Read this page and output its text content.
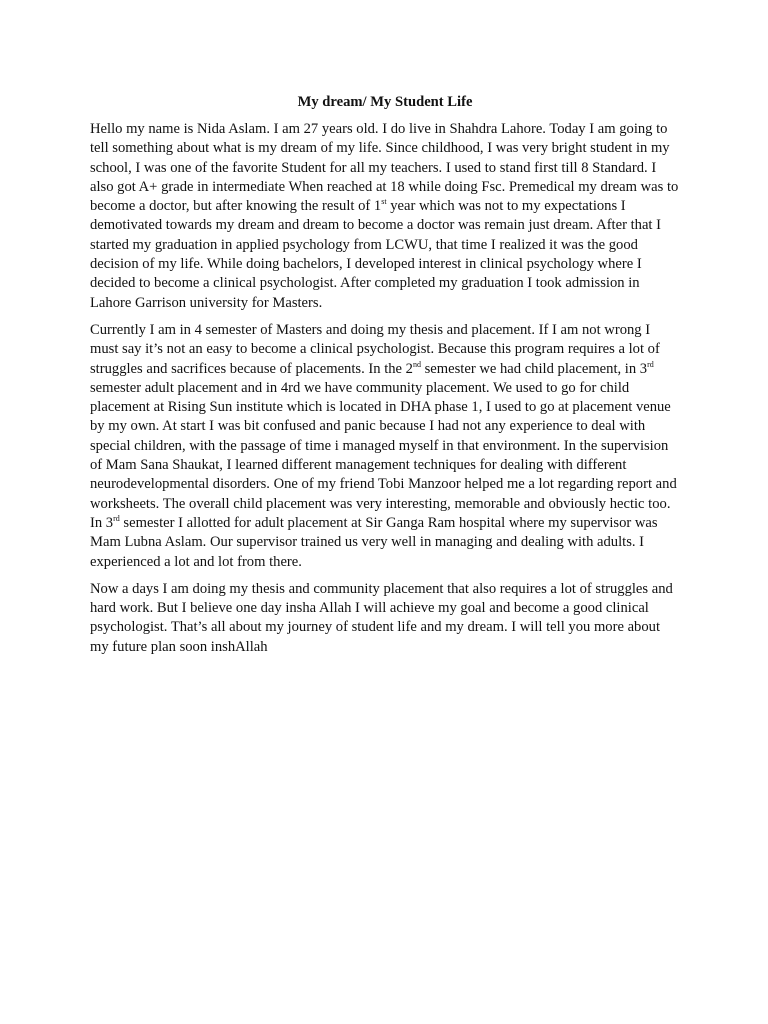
My dream/ My Student Life

Hello my name is Nida Aslam. I am 27 years old. I do live in Shahdra Lahore. Today I am going to tell something about what is my dream of my life. Since childhood, I was very bright student in my school, I was one of the favorite Student for all my teachers. I used to stand first till 8 Standard. I also got A+ grade in intermediate When reached at 18 while doing Fsc. Premedical my dream was to become a doctor, but after knowing the result of 1st year which was not to my expectations I demotivated towards my dream and dream to become a doctor was remain just dream. After that I started my graduation in applied psychology from LCWU, that time I realized it was the good decision of my life. While doing bachelors, I developed interest in clinical psychology where I decided to become a clinical psychologist. After completed my graduation I took admission in Lahore Garrison university for Masters.

Currently I am in 4 semester of Masters and doing my thesis and placement. If I am not wrong I must say it’s not an easy to become a clinical psychologist. Because this program requires a lot of struggles and sacrifices because of placements. In the 2nd semester we had child placement, in 3rd semester adult placement and in 4rd we have community placement. We used to go for child placement at Rising Sun institute which is located in DHA phase 1, I used to go at placement venue by my own. At start I was bit confused and panic because I had not any experience to deal with special children, with the passage of time i managed myself in that environment. In the supervision of Mam Sana Shaukat, I learned different management techniques for dealing with different neurodevelopmental disorders. One of my friend Tobi Manzoor helped me a lot regarding report and worksheets. The overall child placement was very interesting, memorable and obviously hectic too. In 3rd semester I allotted for adult placement at Sir Ganga Ram hospital where my supervisor was Mam Lubna Aslam. Our supervisor trained us very well in managing and dealing with adults. I experienced a lot and lot from there.

Now a days I am doing my thesis and community placement that also requires a lot of struggles and hard work. But I believe one day insha Allah I will achieve my goal and become a good clinical psychologist. That’s all about my journey of student life and my dream. I will tell you more about my future plan soon inshAllah
